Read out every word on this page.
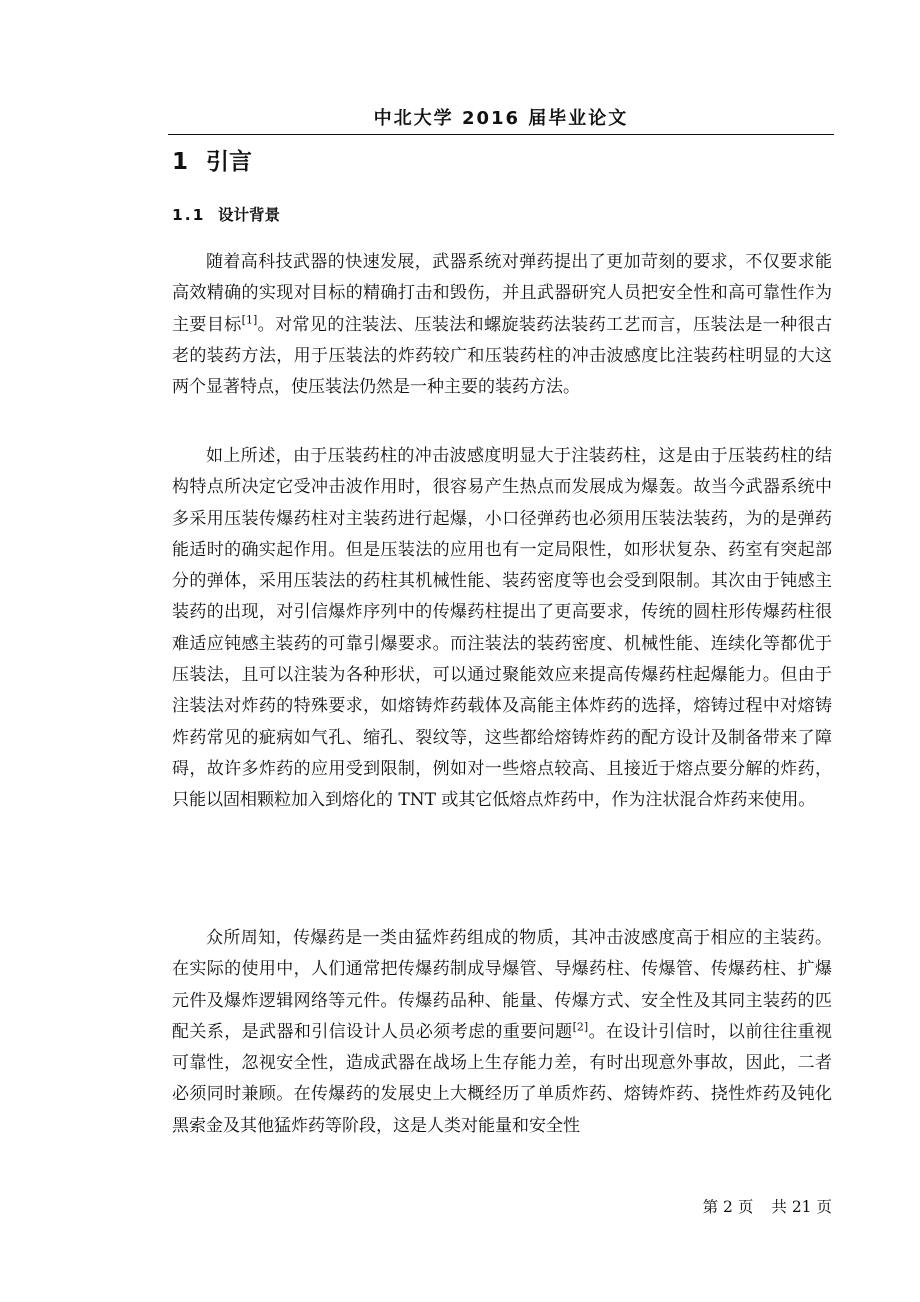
中北大学 2016 届毕业论文
1 引言
1.1 设计背景

随着高科技武器的快速发展，武器系统对弹药提出了更加苛刻的要求，不仅要求能高效精确的实现对目标的精确打击和毁伤，并且武器研究人员把安全性和高可靠性作为主要目标[1]。对常见的注装法、压装法和螺旋装药法装药工艺而言，压装法是一种很古老的装药方法，用于压装法的炸药较广和压装药柱的冲击波感度比注装药柱明显的大这两个显著特点，使压装法仍然是一种主要的装药方法。

如上所述，由于压装药柱的冲击波感度明显大于注装药柱，这是由于压装药柱的结构特点所决定它受冲击波作用时，很容易产生热点而发展成为爆轰。故当今武器系统中多采用压装传爆药柱对主装药进行起爆，小口径弹药也必须用压装法装药，为的是弹药能适时的确实起作用。但是压装法的应用也有一定局限性，如形状复杂、药室有突起部分的弹体，采用压装法的药柱其机械性能、装药密度等也会受到限制。其次由于钝感主装药的出现，对引信爆炸序列中的传爆药柱提出了更高要求，传统的圆柱形传爆药柱很难适应钝感主装药的可靠引爆要求。而注装法的装药密度、机械性能、连续化等都优于压装法，且可以注装为各种形状，可以通过聚能效应来提高传爆药柱起爆能力。但由于注装法对炸药的特殊要求，如熔铸炸药载体及高能主体炸药的选择，熔铸过程中对熔铸炸药常见的疵病如气孔、缩孔、裂纹等，这些都给熔铸炸药的配方设计及制备带来了障碍，故许多炸药的应用受到限制，例如对一些熔点较高、且接近于熔点要分解的炸药，只能以固相颗粒加入到熔化的 TNT 或其它低熔点炸药中，作为注状混合炸药来使用。

众所周知，传爆药是一类由猛炸药组成的物质，其冲击波感度高于相应的主装药。在实际的使用中，人们通常把传爆药制成导爆管、导爆药柱、传爆管、传爆药柱、扩爆元件及爆炸逻辑网络等元件。传爆药品种、能量、传爆方式、安全性及其同主装药的匹配关系，是武器和引信设计人员必须考虑的重要问题[2]。在设计引信时，以前往往重视可靠性，忽视安全性，造成武器在战场上生存能力差，有时出现意外事故，因此，二者必须同时兼顾。在传爆药的发展史上大概经历了单质炸药、熔铸炸药、挠性炸药及钝化黑索金及其他猛炸药等阶段，这是人类对能量和安全性

第 2 页 共 21 页
